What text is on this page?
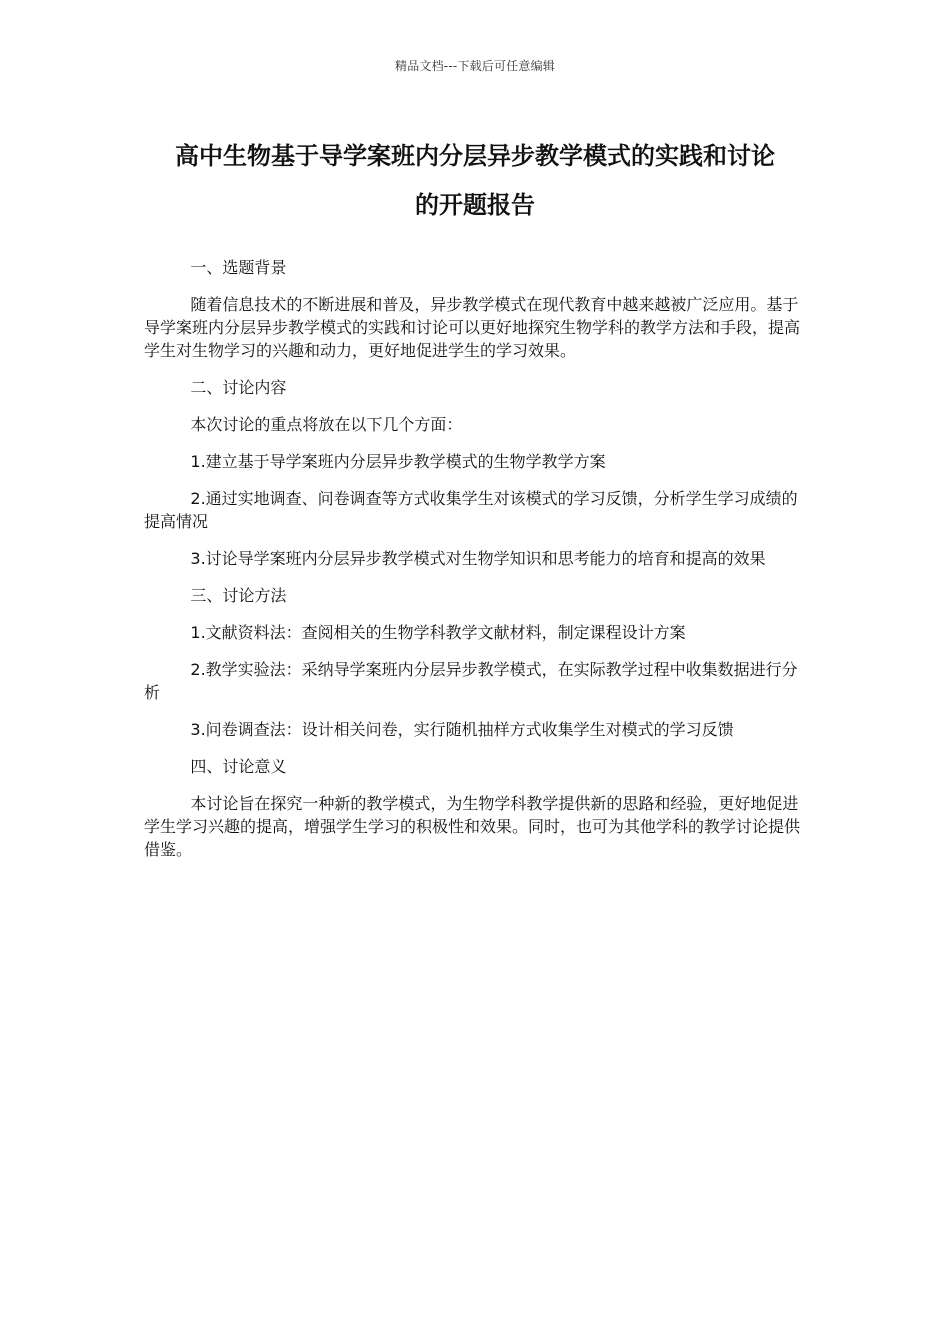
精品文档---下载后可任意编辑
高中生物基于导学案班内分层异步教学模式的实践和讨论
的开题报告

一、选题背景

随着信息技术的不断进展和普及，异步教学模式在现代教育中越来越被广泛应用。基于导学案班内分层异步教学模式的实践和讨论可以更好地探究生物学科的教学方法和手段，提高学生对生物学习的兴趣和动力，更好地促进学生的学习效果。

二、讨论内容

本次讨论的重点将放在以下几个方面：

1.建立基于导学案班内分层异步教学模式的生物学教学方案

2.通过实地调查、问卷调查等方式收集学生对该模式的学习反馈，分析学生学习成绩的提高情况

3.讨论导学案班内分层异步教学模式对生物学知识和思考能力的培育和提高的效果

三、讨论方法

1.文献资料法：查阅相关的生物学科教学文献材料，制定课程设计方案

2.教学实验法：采纳导学案班内分层异步教学模式，在实际教学过程中收集数据进行分析

3.问卷调查法：设计相关问卷，实行随机抽样方式收集学生对模式的学习反馈

四、讨论意义

本讨论旨在探究一种新的教学模式，为生物学科教学提供新的思路和经验，更好地促进学生学习兴趣的提高，增强学生学习的积极性和效果。同时，也可为其他学科的教学讨论提供借鉴。
